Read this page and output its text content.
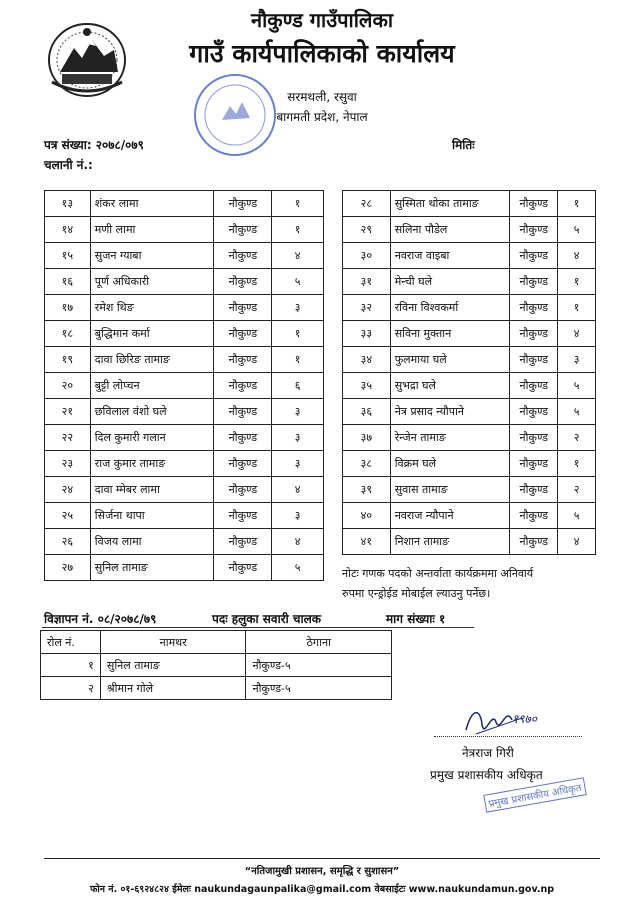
नौकुण्ड गाउँपालिका
गाउँ कार्यपालिकाको कार्यालय
सरमथली, रसुवा
बागमती प्रदेश, नेपाल
पत्र संख्या: २०७८/०७९	मितिः
चलानी नं.:
१३	शंकर लामा	नौकुण्ड	१
१४	मणी लामा	नौकुण्ड	१
१५	सुजन ग्याबा	नौकुण्ड	४
१६	पूर्ण अधिकारी	नौकुण्ड	५
१७	रमेश थिङ	नौकुण्ड	३
१८	बुद्धिमान कर्मा	नौकुण्ड	१
१९	दावा छिरिङ तामाङ	नौकुण्ड	१
२०	बुट्टी लोप्चन	नौकुण्ड	६
२१	छविलाल वंशो घले	नौकुण्ड	३
२२	दिल कुमारी गलान	नौकुण्ड	३
२३	राज कुमार तामाङ	नौकुण्ड	३
२४	दावा म्मेबर लामा	नौकुण्ड	४
२५	सिर्जना थापा	नौकुण्ड	३
२६	विजय लामा	नौकुण्ड	४
२७	सुनिल तामाङ	नौकुण्ड	५
२८	सुस्मिता थोका तामाङ	नौकुण्ड	१
२९	सलिना पौडेल	नौकुण्ड	५
३०	नवराज वाइबा	नौकुण्ड	४
३१	मेन्ची घले	नौकुण्ड	१
३२	रविना विश्वकर्मा	नौकुण्ड	१
३३	सविना मुक्तान	नौकुण्ड	४
३४	फुलमाया घले	नौकुण्ड	३
३५	सुभद्रा घले	नौकुण्ड	५
३६	नेत्र प्रसाद न्यौपाने	नौकुण्ड	५
३७	रेन्जेन तामाङ	नौकुण्ड	२
३८	विक्रम घले	नौकुण्ड	१
३९	सुवास तामाङ	नौकुण्ड	२
४०	नवराज न्यौपाने	नौकुण्ड	५
४१	निशान तामाङ	नौकुण्ड	४
नोटः गणक पदको अन्तर्वाता कार्यक्रममा अनिवार्य
रुपमा एन्ड्रोईड मोबाईल ल्याउनु पर्नेछ।
विज्ञापन नं. ०८/२०७८/७९	पदः हलुका सवारी चालक	माग संख्याः १
रोल नं.	नामथर	ठेगाना
१	सुनिल तामाङ	नौकुण्ड-५
२	श्रीमान गोले	नौकुण्ड-५
१९७०
नेत्रराज गिरी
प्रमुख प्रशासकीय अधिकृत
प्रमुख प्रशासकीय अधिकृत
“नतिजामुखी प्रशासन, समृद्धि र सुशासन”
फोन नं. ०१-६९२४८२४ ईमेलः naukundagaunpalika@gmail.com वेबसाईटः www.naukundamun.gov.np
